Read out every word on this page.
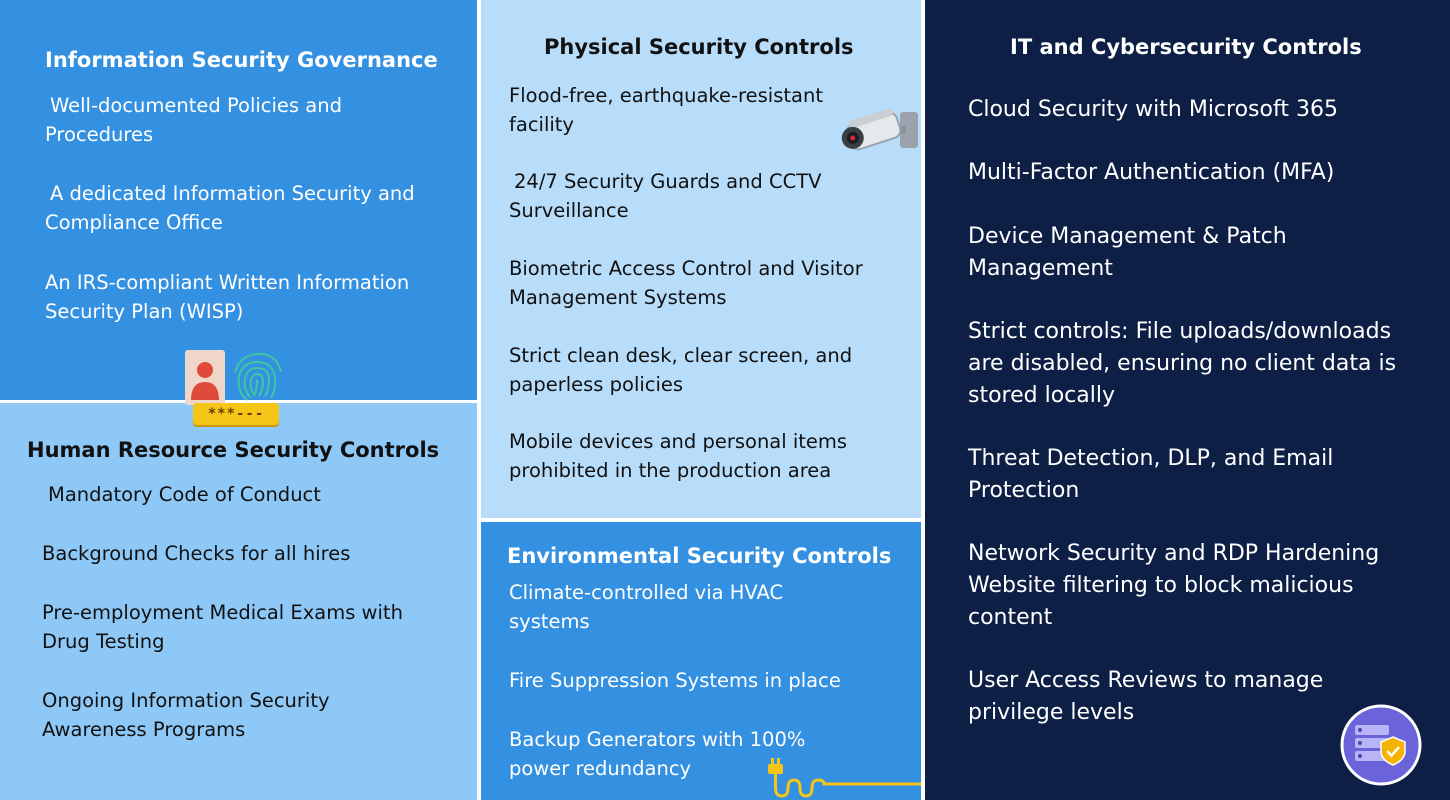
Information Security Governance

Well-documented Policies and Procedures

A dedicated Information Security and Compliance Office

An IRS-compliant Written Information Security Plan (WISP)

Human Resource Security Controls

Mandatory Code of Conduct

Background Checks for all hires

Pre-employment Medical Exams with Drug Testing

Ongoing Information Security Awareness Programs

Physical Security Controls

Flood-free, earthquake-resistant facility

24/7 Security Guards and CCTV Surveillance

Biometric Access Control and Visitor Management Systems

Strict clean desk, clear screen, and paperless policies

Mobile devices and personal items prohibited in the production area

Environmental Security Controls

Climate-controlled via HVAC systems

Fire Suppression Systems in place

Backup Generators with 100% power redundancy

IT and Cybersecurity Controls

Cloud Security with Microsoft 365

Multi-Factor Authentication (MFA)

Device Management & Patch Management

Strict controls: File uploads/downloads are disabled, ensuring no client data is stored locally

Threat Detection, DLP, and Email Protection

Network Security and RDP Hardening Website filtering to block malicious content

User Access Reviews to manage privilege levels

***---
